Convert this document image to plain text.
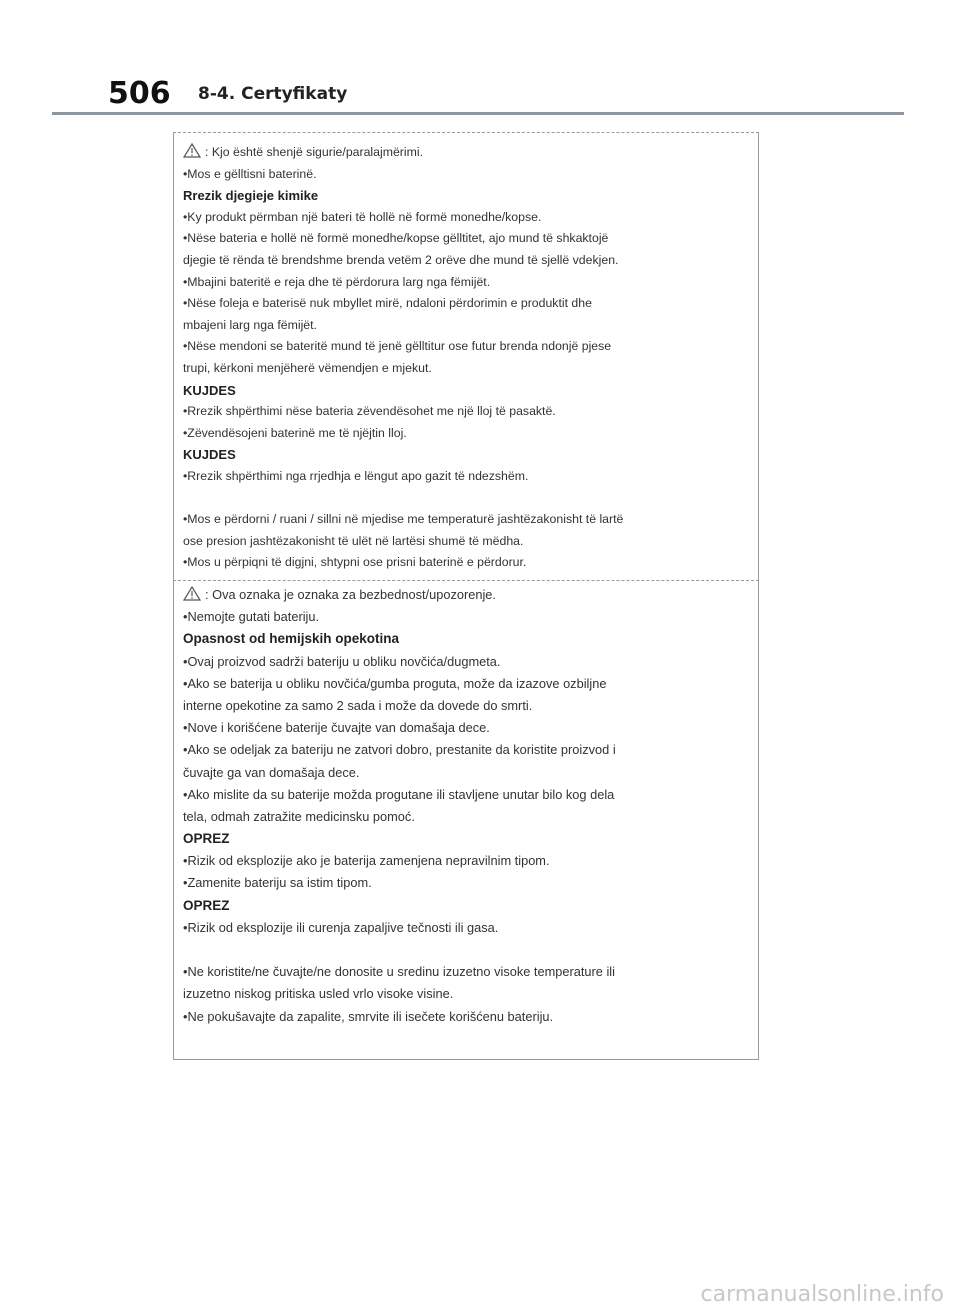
506 8-4. Certyfikaty
: Kjo është shenjë sigurie/paralajmërimi.
•Mos e gëlltisni baterinë.
Rrezik djegieje kimike
•Ky produkt përmban një bateri të hollë në formë monedhe/kopse.
•Nëse bateria e hollë në formë monedhe/kopse gëlltitet, ajo mund të shkaktojë
djegie të rënda të brendshme brenda vetëm 2 orëve dhe mund të sjellë vdekjen.
•Mbajini bateritë e reja dhe të përdorura larg nga fëmijët.
•Nëse foleja e baterisë nuk mbyllet mirë, ndaloni përdorimin e produktit dhe
mbajeni larg nga fëmijët.
•Nëse mendoni se bateritë mund të jenë gëlltitur ose futur brenda ndonjë pjese
trupi, kërkoni menjëherë vëmendjen e mjekut.
KUJDES
•Rrezik shpërthimi nëse bateria zëvendësohet me një lloj të pasaktë.
•Zëvendësojeni baterinë me të njëjtin lloj.
KUJDES
•Rrezik shpërthimi nga rrjedhja e lëngut apo gazit të ndezshëm.
•Mos e përdorni / ruani / sillni në mjedise me temperaturë jashtëzakonisht të lartë
ose presion jashtëzakonisht të ulët në lartësi shumë të mëdha.
•Mos u përpiqni të digjni, shtypni ose prisni baterinë e përdorur.
: Ova oznaka je oznaka za bezbednost/upozorenje.
•Nemojte gutati bateriju.
Opasnost od hemijskih opekotina
•Ovaj proizvod sadrži bateriju u obliku novčića/dugmeta.
•Ako se baterija u obliku novčića/gumba proguta, može da izazove ozbiljne
interne opekotine za samo 2 sada i može da dovede do smrti.
•Nove i korišćene baterije čuvajte van domašaja dece.
•Ako se odeljak za bateriju ne zatvori dobro, prestanite da koristite proizvod i
čuvajte ga van domašaja dece.
•Ako mislite da su baterije možda progutane ili stavljene unutar bilo kog dela
tela, odmah zatražite medicinsku pomoć.
OPREZ
•Rizik od eksplozije ako je baterija zamenjena nepravilnim tipom.
•Zamenite bateriju sa istim tipom.
OPREZ
•Rizik od eksplozije ili curenja zapaljive tečnosti ili gasa.
•Ne koristite/ne čuvajte/ne donosite u sredinu izuzetno visoke temperature ili
izuzetno niskog pritiska usled vrlo visoke visine.
•Ne pokušavajte da zapalite, smrvite ili isečete korišćenu bateriju.
carmanualsonline.info
